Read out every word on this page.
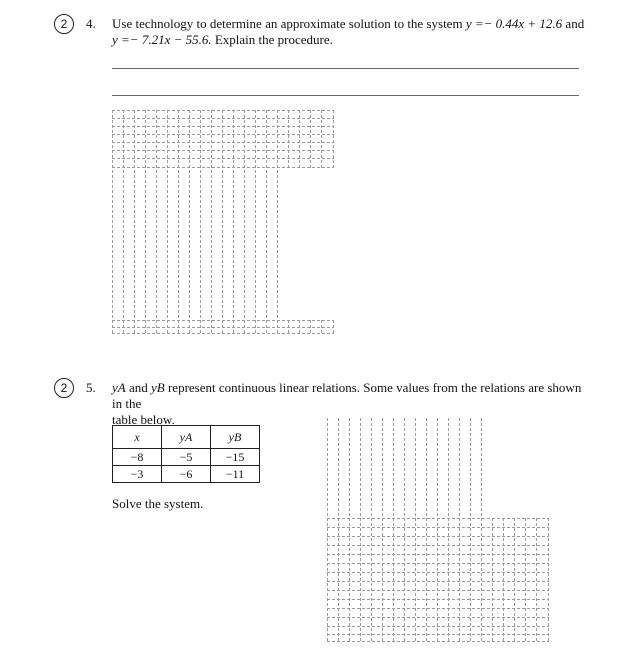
2	4. Use technology to determine an approximate solution to the system y =− 0.44x + 12.6 and
y =− 7.21x − 55.6. Explain the procedure.
2	5. yA and yB represent continuous linear relations. Some values from the relations are shown in the
table below.
x	yA	yB
−8	−5	−15
−3	−6	−11
Solve the system.
